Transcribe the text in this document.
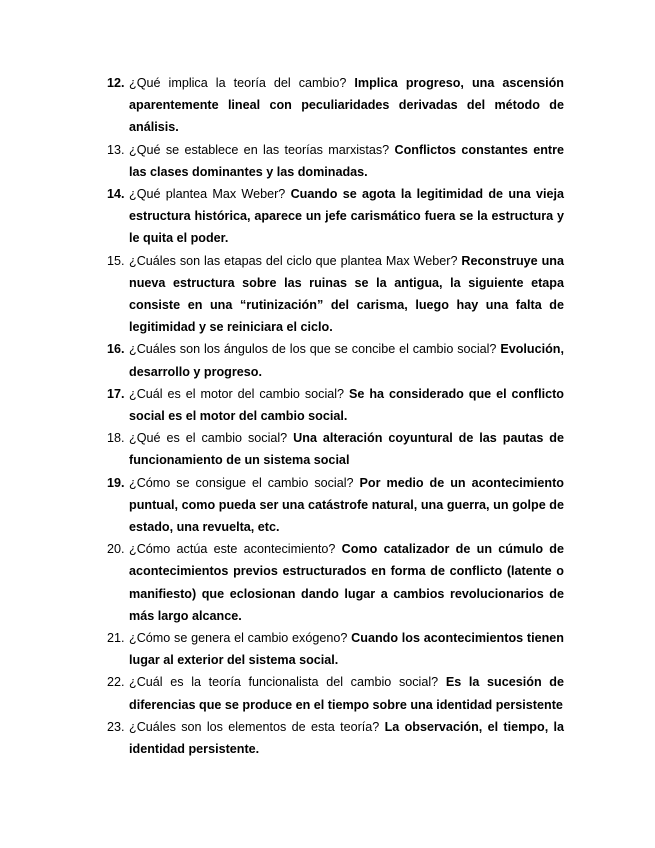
12. ¿Qué implica la teoría del cambio? Implica progreso, una ascensión aparentemente lineal con peculiaridades derivadas del método de análisis.
13. ¿Qué se establece en las teorías marxistas? Conflictos constantes entre las clases dominantes y las dominadas.
14. ¿Qué plantea Max Weber? Cuando se agota la legitimidad de una vieja estructura histórica, aparece un jefe carismático fuera se la estructura y le quita el poder.
15. ¿Cuáles son las etapas del ciclo que plantea Max Weber? Reconstruye una nueva estructura sobre las ruinas se la antigua, la siguiente etapa consiste en una “rutinización” del carisma, luego hay una falta de legitimidad y se reiniciara el ciclo.
16. ¿Cuáles son los ángulos de los que se concibe el cambio social? Evolución, desarrollo y progreso.
17. ¿Cuál es el motor del cambio social? Se ha considerado que el conflicto social es el motor del cambio social.
18. ¿Qué es el cambio social? Una alteración coyuntural de las pautas de funcionamiento de un sistema social
19. ¿Cómo se consigue el cambio social? Por medio de un acontecimiento puntual, como pueda ser una catástrofe natural, una guerra, un golpe de estado, una revuelta, etc.
20. ¿Cómo actúa este acontecimiento? Como catalizador de un cúmulo de acontecimientos previos estructurados en forma de conflicto (latente o manifiesto) que eclosionan dando lugar a cambios revolucionarios de más largo alcance.
21. ¿Cómo se genera el cambio exógeno? Cuando los acontecimientos tienen lugar al exterior del sistema social.
22. ¿Cuál es la teoría funcionalista del cambio social? Es la sucesión de diferencias que se produce en el tiempo sobre una identidad persistente
23. ¿Cuáles son los elementos de esta teoría? La observación, el tiempo, la identidad persistente.
